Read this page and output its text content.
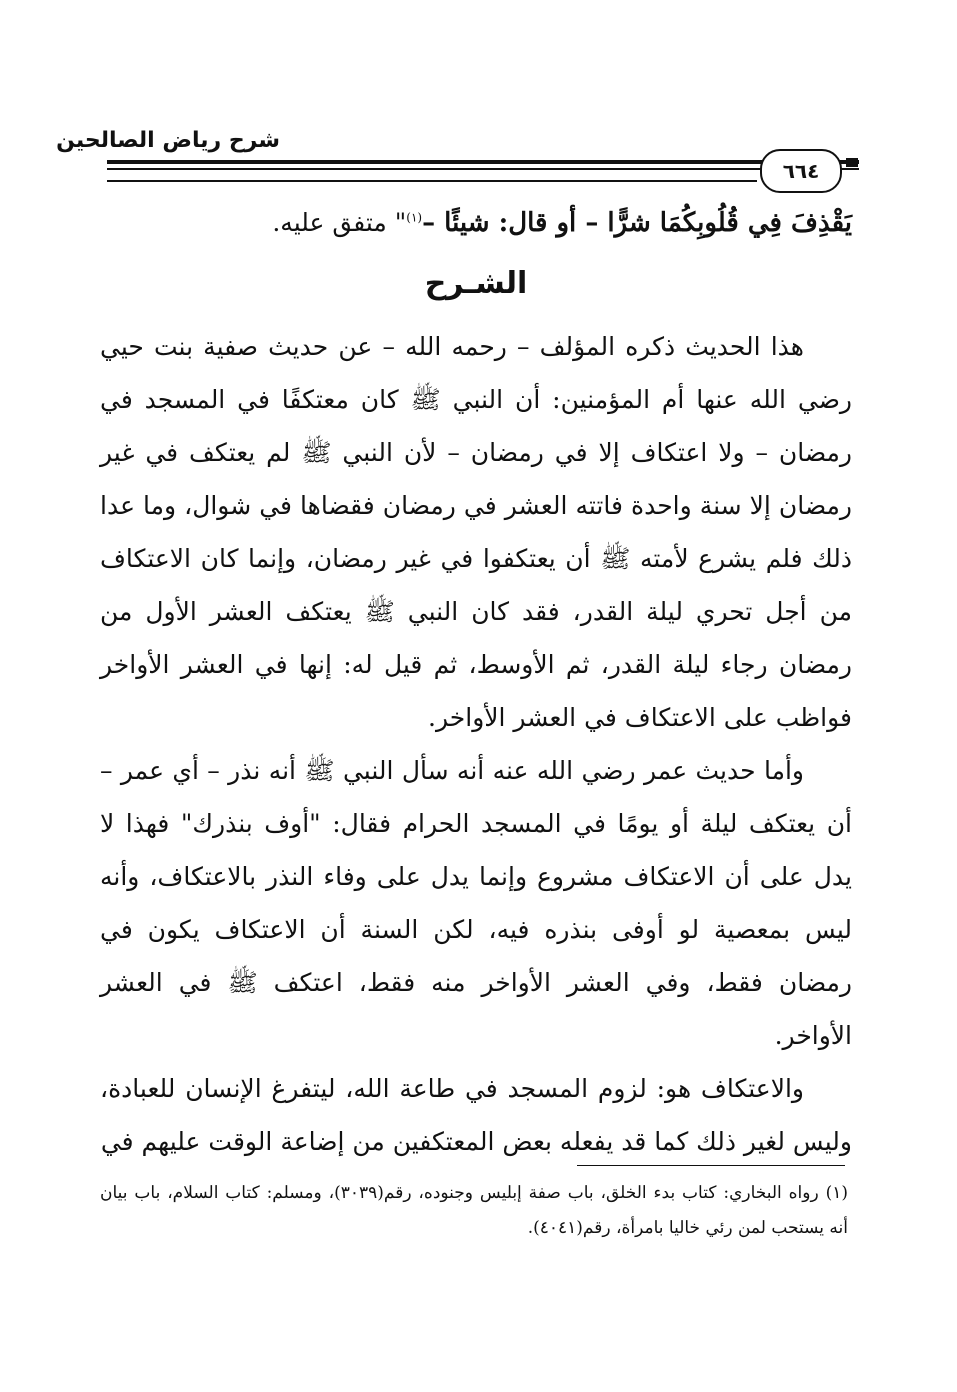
شرح رياض الصالحين
٦٦٤

يَقْذِفَ فِي قُلُوبِكُمَا شرًّا – أو قال: شيئًا –$^{(١)}$" متفق عليه.

الشـرح

هذا الحديث ذكره المؤلف – رحمه الله – عن حديث صفية بنت حيي رضي الله عنها أم المؤمنين: أن النبي ﷺ كان معتكفًا في المسجد في رمضان – ولا اعتكاف إلا في رمضان – لأن النبي ﷺ لم يعتكف في غير رمضان إلا سنة واحدة فاتته العشر في رمضان فقضاها في شوال، وما عدا ذلك فلم يشرع لأمته ﷺ أن يعتكفوا في غير رمضان، وإنما كان الاعتكاف من أجل تحري ليلة القدر، فقد كان النبي ﷺ يعتكف العشر الأول من رمضان رجاء ليلة القدر، ثم الأوسط، ثم قيل له: إنها في العشر الأواخر فواظب على الاعتكاف في العشر الأواخر.

وأما حديث عمر رضي الله عنه أنه سأل النبي ﷺ أنه نذر – أي عمر – أن يعتكف ليلة أو يومًا في المسجد الحرام فقال: "أوف بنذرك" فهذا لا يدل على أن الاعتكاف مشروع وإنما يدل على وفاء النذر بالاعتكاف، وأنه ليس بمعصية لو أوفى بنذره فيه، لكن السنة أن الاعتكاف يكون في رمضان فقط، وفي العشر الأواخر منه فقط، اعتكف ﷺ في العشر الأواخر.

والاعتكاف هو: لزوم المسجد في طاعة الله، ليتفرغ الإنسان للعبادة، وليس لغير ذلك كما قد يفعله بعض المعتكفين من إضاعة الوقت عليهم في

(١) رواه البخاري: كتاب بدء الخلق، باب صفة إبليس وجنوده، رقم(٣٠٣٩)، ومسلم: كتاب السلام، باب بيان أنه يستحب لمن رئي خاليا بامرأة، رقم(٤٠٤١).
